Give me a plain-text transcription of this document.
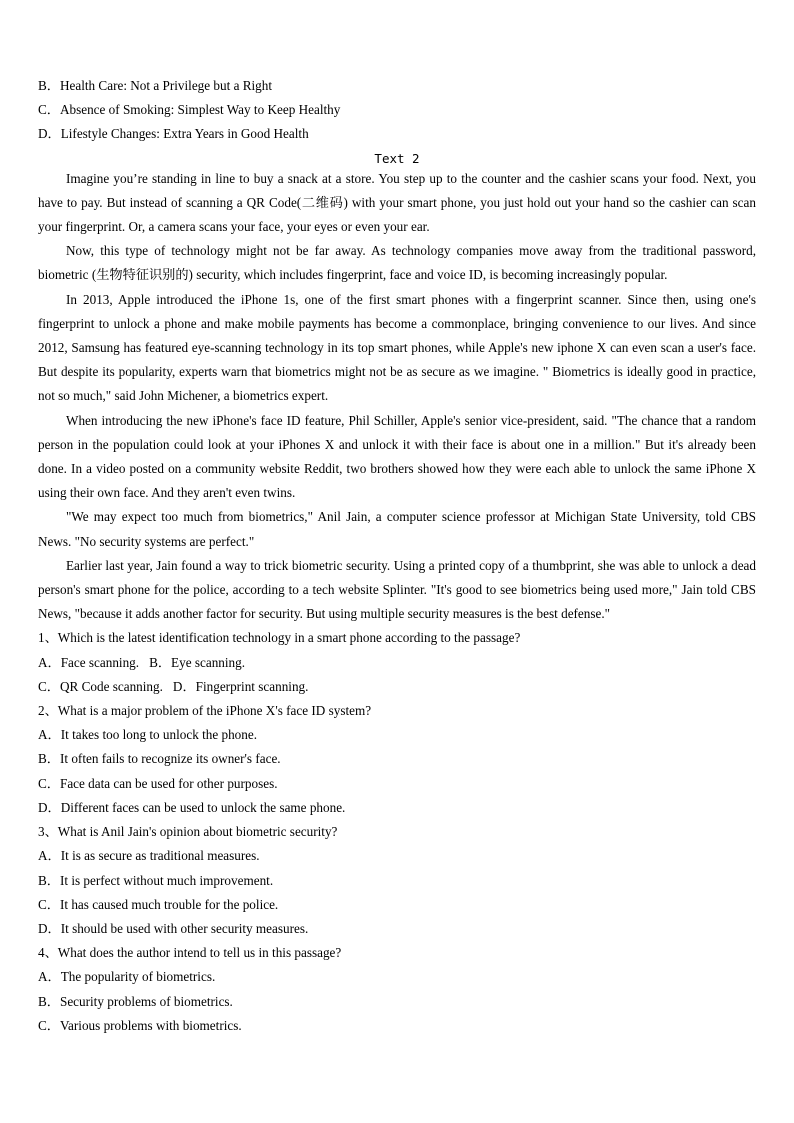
B．Health Care: Not a Privilege but a Right
C．Absence of Smoking: Simplest Way to Keep Healthy
D．Lifestyle Changes: Extra Years in Good Health
Text 2

Imagine you’re standing in line to buy a snack at a store. You step up to the counter and the cashier scans your food. Next, you have to pay. But instead of scanning a QR Code(二维码) with your smart phone, you just hold out your hand so the cashier can scan your fingerprint. Or, a camera scans your face, your eyes or even your ear.

Now, this type of technology might not be far away. As technology companies move away from the traditional password, biometric (生物特征识别的) security, which includes fingerprint, face and voice ID, is becoming increasingly popular.

In 2013, Apple introduced the iPhone 1s, one of the first smart phones with a fingerprint scanner. Since then, using one's fingerprint to unlock a phone and make mobile payments has become a commonplace, bringing convenience to our lives. And since 2012, Samsung has featured eye-scanning technology in its top smart phones, while Apple's new iphone X can even scan a user's face. But despite its popularity, experts warn that biometrics might not be as secure as we imagine. " Biometrics is ideally good in practice, not so much," said John Michener, a biometrics expert.

When introducing the new iPhone's face ID feature, Phil Schiller, Apple's senior vice-president, said. "The chance that a random person in the population could look at your iPhones X and unlock it with their face is about one in a million." But it's already been done. In a video posted on a community website Reddit, two brothers showed how they were each able to unlock the same iPhone X using their own face. And they aren't even twins.

"We may expect too much from biometrics," Anil Jain, a computer science professor at Michigan State University, told CBS News. "No security systems are perfect."

Earlier last year, Jain found a way to trick biometric security. Using a printed copy of a thumbprint, she was able to unlock a dead person's smart phone for the police, according to a tech website Splinter. "It's good to see biometrics being used more," Jain told CBS News, "because it adds another factor for security. But using multiple security measures is the best defense."

1、Which is the latest identification technology in a smart phone according to the passage?
A．Face scanning. B．Eye scanning.
C．QR Code scanning. D．Fingerprint scanning.
2、What is a major problem of the iPhone X's face ID system?
A．It takes too long to unlock the phone.
B．It often fails to recognize its owner's face.
C．Face data can be used for other purposes.
D．Different faces can be used to unlock the same phone.
3、What is Anil Jain's opinion about biometric security?
A．It is as secure as traditional measures.
B．It is perfect without much improvement.
C．It has caused much trouble for the police.
D．It should be used with other security measures.
4、What does the author intend to tell us in this passage?
A．The popularity of biometrics.
B．Security problems of biometrics.
C．Various problems with biometrics.
